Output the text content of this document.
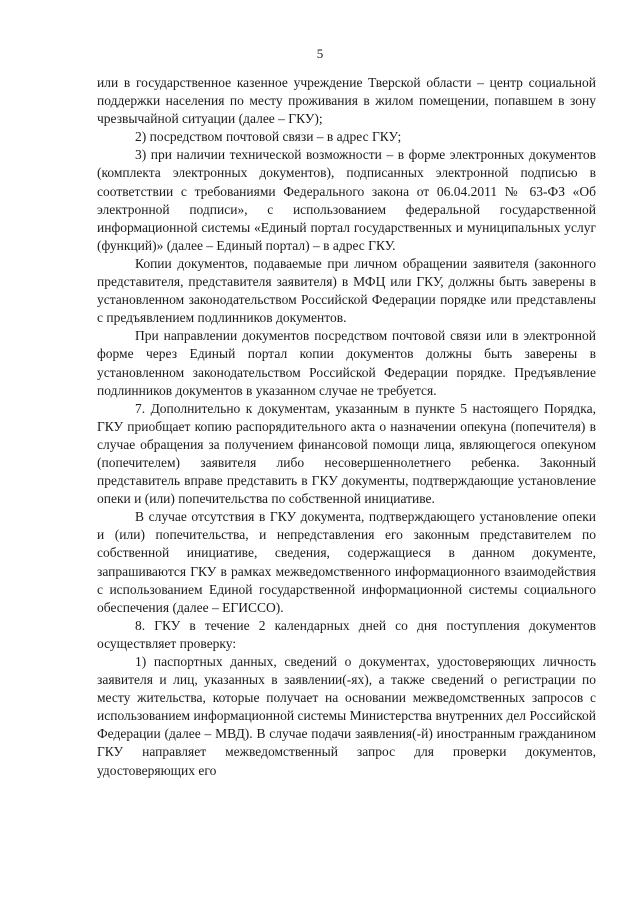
5

или в государственное казенное учреждение Тверской области – центр социальной поддержки населения по месту проживания в жилом помещении, попавшем в зону чрезвычайной ситуации (далее – ГКУ);

2) посредством почтовой связи – в адрес ГКУ;

3) при наличии технической возможности – в форме электронных документов (комплекта электронных документов), подписанных электронной подписью в соответствии с требованиями Федерального закона от 06.04.2011 № 63-ФЗ «Об электронной подписи», с использованием федеральной государственной информационной системы «Единый портал государственных и муниципальных услуг (функций)» (далее – Единый портал) – в адрес ГКУ.

Копии документов, подаваемые при личном обращении заявителя (законного представителя, представителя заявителя) в МФЦ или ГКУ, должны быть заверены в установленном законодательством Российской Федерации порядке или представлены с предъявлением подлинников документов.

При направлении документов посредством почтовой связи или в электронной форме через Единый портал копии документов должны быть заверены в установленном законодательством Российской Федерации порядке. Предъявление подлинников документов в указанном случае не требуется.

7. Дополнительно к документам, указанным в пункте 5 настоящего Порядка, ГКУ приобщает копию распорядительного акта о назначении опекуна (попечителя) в случае обращения за получением финансовой помощи лица, являющегося опекуном (попечителем) заявителя либо несовершеннолетнего ребенка. Законный представитель вправе представить в ГКУ документы, подтверждающие установление опеки и (или) попечительства по собственной инициативе.

В случае отсутствия в ГКУ документа, подтверждающего установление опеки и (или) попечительства, и непредставления его законным представителем по собственной инициативе, сведения, содержащиеся в данном документе, запрашиваются ГКУ в рамках межведомственного информационного взаимодействия с использованием Единой государственной информационной системы социального обеспечения (далее – ЕГИССО).

8. ГКУ в течение 2 календарных дней со дня поступления документов осуществляет проверку:

1) паспортных данных, сведений о документах, удостоверяющих личность заявителя и лиц, указанных в заявлении(-ях), а также сведений о регистрации по месту жительства, которые получает на основании межведомственных запросов с использованием информационной системы Министерства внутренних дел Российской Федерации (далее – МВД). В случае подачи заявления(-й) иностранным гражданином ГКУ направляет межведомственный запрос для проверки документов, удостоверяющих его
